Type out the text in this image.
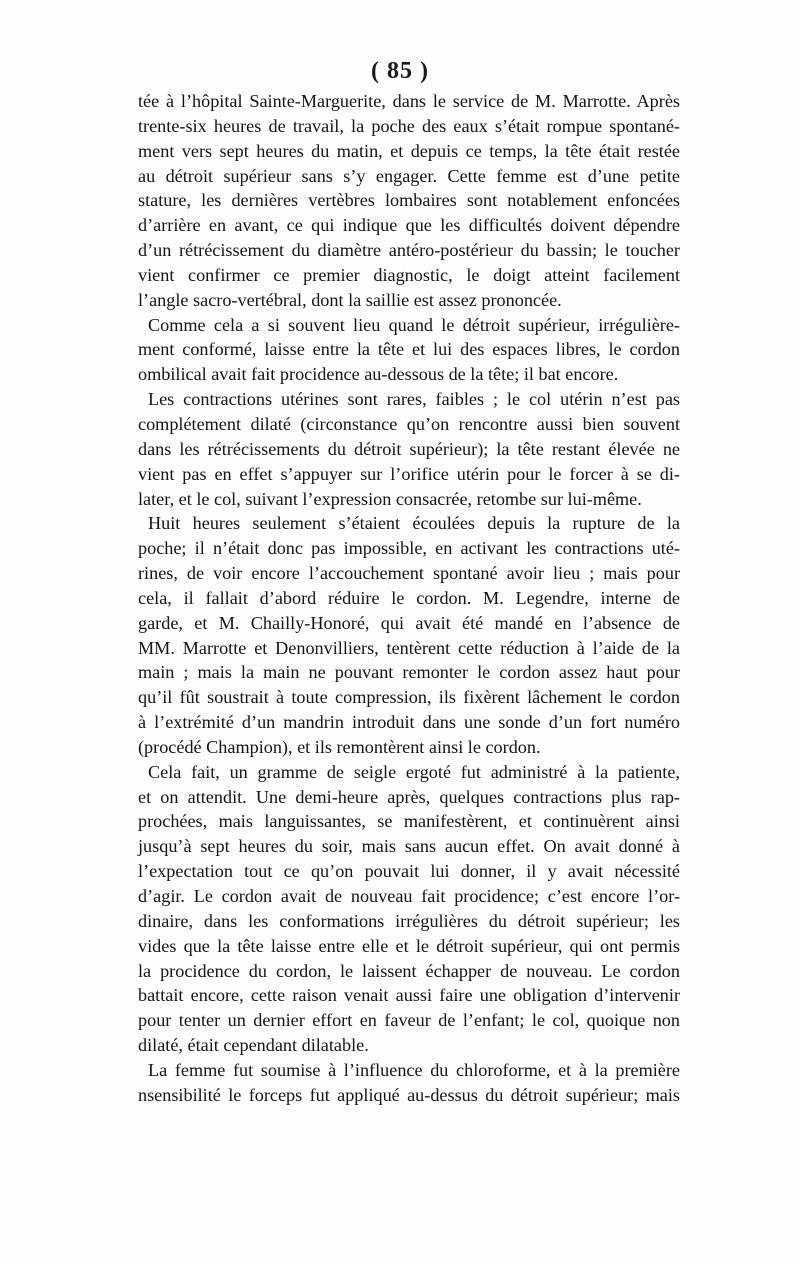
( 85 )
tée à l’hôpital Sainte-Marguerite, dans le service de M. Marrotte. Après
trente-six heures de travail, la poche des eaux s’était rompue spontané-
ment vers sept heures du matin, et depuis ce temps, la tête était restée
au détroit supérieur sans s’y engager. Cette femme est d’une petite
stature, les dernières vertèbres lombaires sont notablement enfoncées
d’arrière en avant, ce qui indique que les difficultés doivent dépendre
d’un rétrécissement du diamètre antéro-postérieur du bassin; le toucher
vient confirmer ce premier diagnostic, le doigt atteint facilement
l’angle sacro-vertébral, dont la saillie est assez prononcée.
Comme cela a si souvent lieu quand le détroit supérieur, irrégulière-
ment conformé, laisse entre la tête et lui des espaces libres, le cordon
ombilical avait fait procidence au-dessous de la tête; il bat encore.
Les contractions utérines sont rares, faibles ; le col utérin n’est pas
complétement dilaté (circonstance qu’on rencontre aussi bien souvent
dans les rétrécissements du détroit supérieur); la tête restant élevée ne
vient pas en effet s’appuyer sur l’orifice utérin pour le forcer à se di-
later, et le col, suivant l’expression consacrée, retombe sur lui-même.
Huit heures seulement s’étaient écoulées depuis la rupture de la
poche; il n’était donc pas impossible, en activant les contractions uté-
rines, de voir encore l’accouchement spontané avoir lieu ; mais pour
cela, il fallait d’abord réduire le cordon. M. Legendre, interne de
garde, et M. Chailly-Honoré, qui avait été mandé en l’absence de
MM. Marrotte et Denonvilliers, tentèrent cette réduction à l’aide de la
main ; mais la main ne pouvant remonter le cordon assez haut pour
qu’il fût soustrait à toute compression, ils fixèrent lâchement le cordon
à l’extrémité d’un mandrin introduit dans une sonde d’un fort numéro
(procédé Champion), et ils remontèrent ainsi le cordon.
Cela fait, un gramme de seigle ergoté fut administré à la patiente,
et on attendit. Une demi-heure après, quelques contractions plus rap-
prochées, mais languissantes, se manifestèrent, et continuèrent ainsi
jusqu’à sept heures du soir, mais sans aucun effet. On avait donné à
l’expectation tout ce qu’on pouvait lui donner, il y avait nécessité
d’agir. Le cordon avait de nouveau fait procidence; c’est encore l’or-
dinaire, dans les conformations irrégulières du détroit supérieur; les
vides que la tête laisse entre elle et le détroit supérieur, qui ont permis
la procidence du cordon, le laissent échapper de nouveau. Le cordon
battait encore, cette raison venait aussi faire une obligation d’intervenir
pour tenter un dernier effort en faveur de l’enfant; le col, quoique non
dilaté, était cependant dilatable.
La femme fut soumise à l’influence du chloroforme, et à la première
nsensibilité le forceps fut appliqué au-dessus du détroit supérieur; mais
